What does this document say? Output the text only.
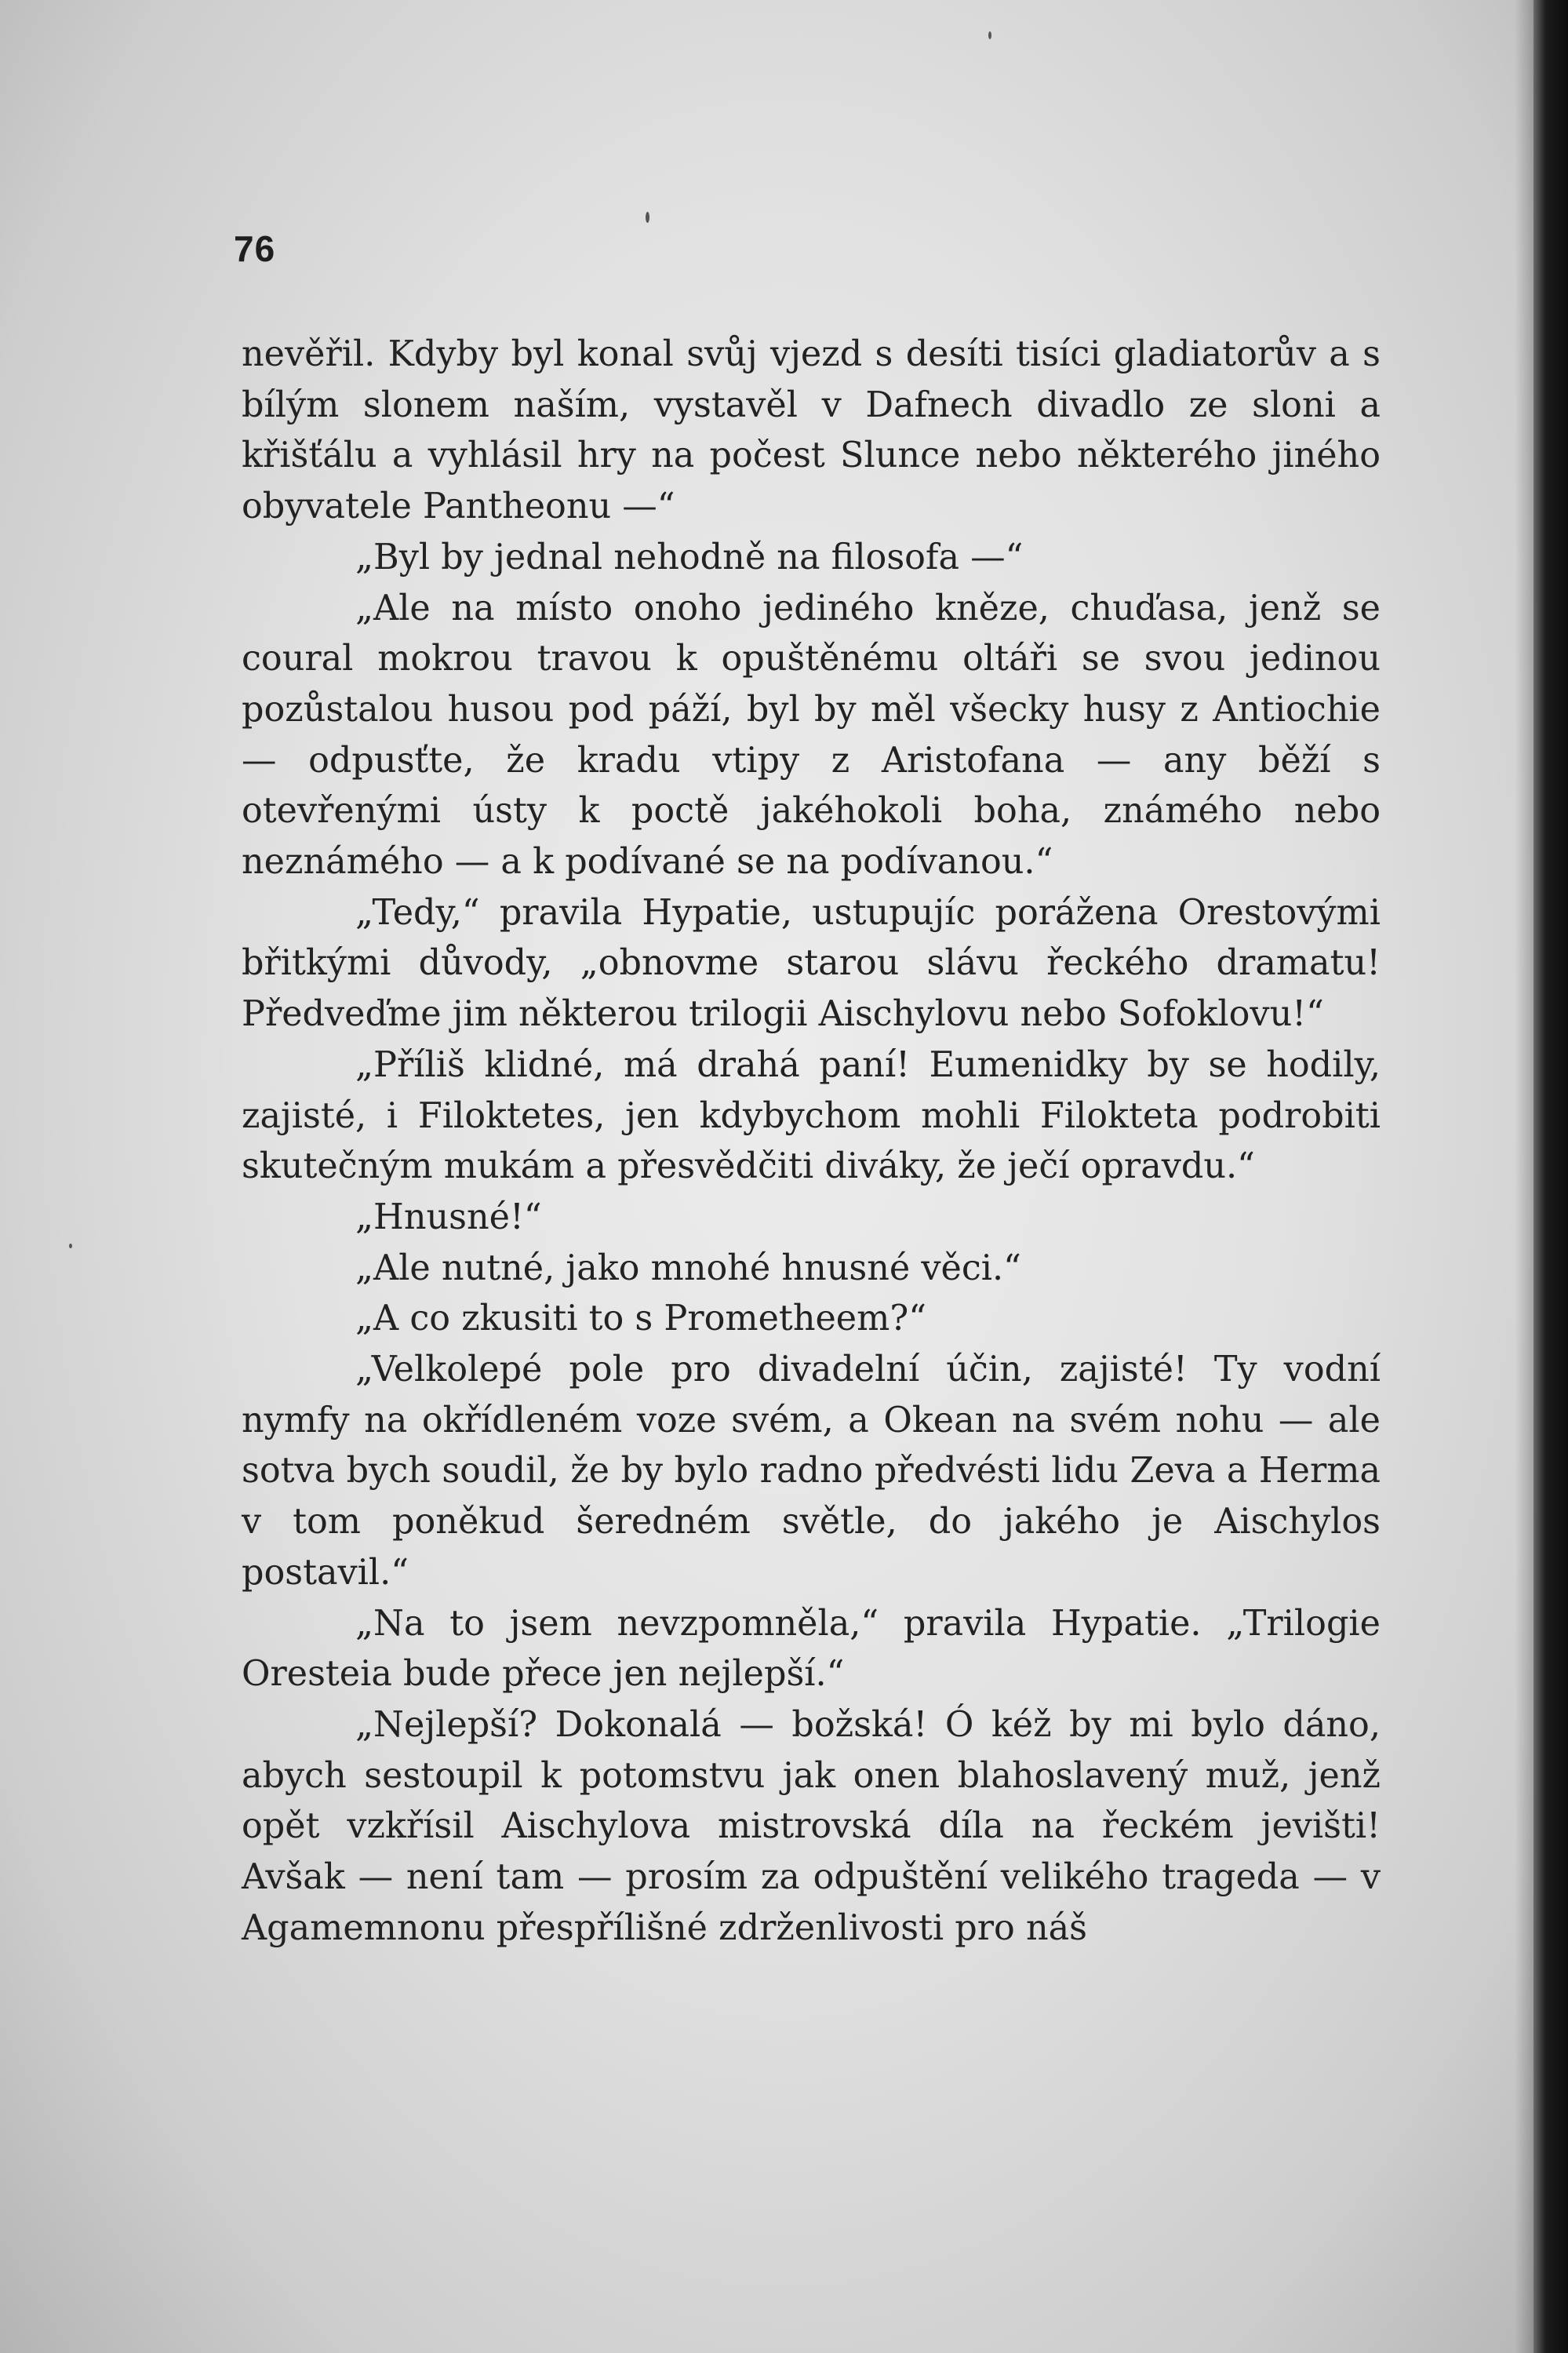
76

nevěřil. Kdyby byl konal svůj vjezd s desíti tisíci gladiatorův a s bílým slonem naším, vystavěl v Dafnech divadlo ze sloni a křišťálu a vyhlásil hry na počest Slunce nebo některého jiného obyvatele Pantheonu —“

„Byl by jednal nehodně na filosofa —“

„Ale na místo onoho jediného kněze, chuďasa, jenž se coural mokrou travou k opuštěnému oltáři se svou jedinou pozůstalou husou pod páží, byl by měl všecky husy z Antiochie — odpusťte, že kradu vtipy z Aristofana — any běží s otevřenými ústy k poctě jakéhokoli boha, známého nebo neznámého — a k podívané se na podívanou.“

„Tedy,“ pravila Hypatie, ustupujíc porážena Orestovými břitkými důvody, „obnovme starou slávu řeckého dramatu! Předveďme jim některou trilogii Aischylovu nebo Sofoklovu!“

„Příliš klidné, má drahá paní! Eumenidky by se hodily, zajisté, i Filoktetes, jen kdybychom mohli Filokteta podrobiti skutečným mukám a přesvědčiti diváky, že ječí opravdu.“

„Hnusné!“

„Ale nutné, jako mnohé hnusné věci.“

„A co zkusiti to s Prometheem?“

„Velkolepé pole pro divadelní účin, zajisté! Ty vodní nymfy na okřídleném voze svém, a Okean na svém nohu — ale sotva bych soudil, že by bylo radno předvésti lidu Zeva a Herma v tom poněkud šeredném světle, do jakého je Aischylos postavil.“

„Na to jsem nevzpomněla,“ pravila Hypatie. „Trilogie Oresteia bude přece jen nejlepší.“

„Nejlepší? Dokonalá — božská! Ó kéž by mi bylo dáno, abych sestoupil k potomstvu jak onen blahoslavený muž, jenž opět vzkřísil Aischylova mistrovská díla na řeckém jevišti! Avšak — není tam — prosím za odpuštění velikého trageda — v Agamemnonu přespřílišné zdrženlivosti pro náš
